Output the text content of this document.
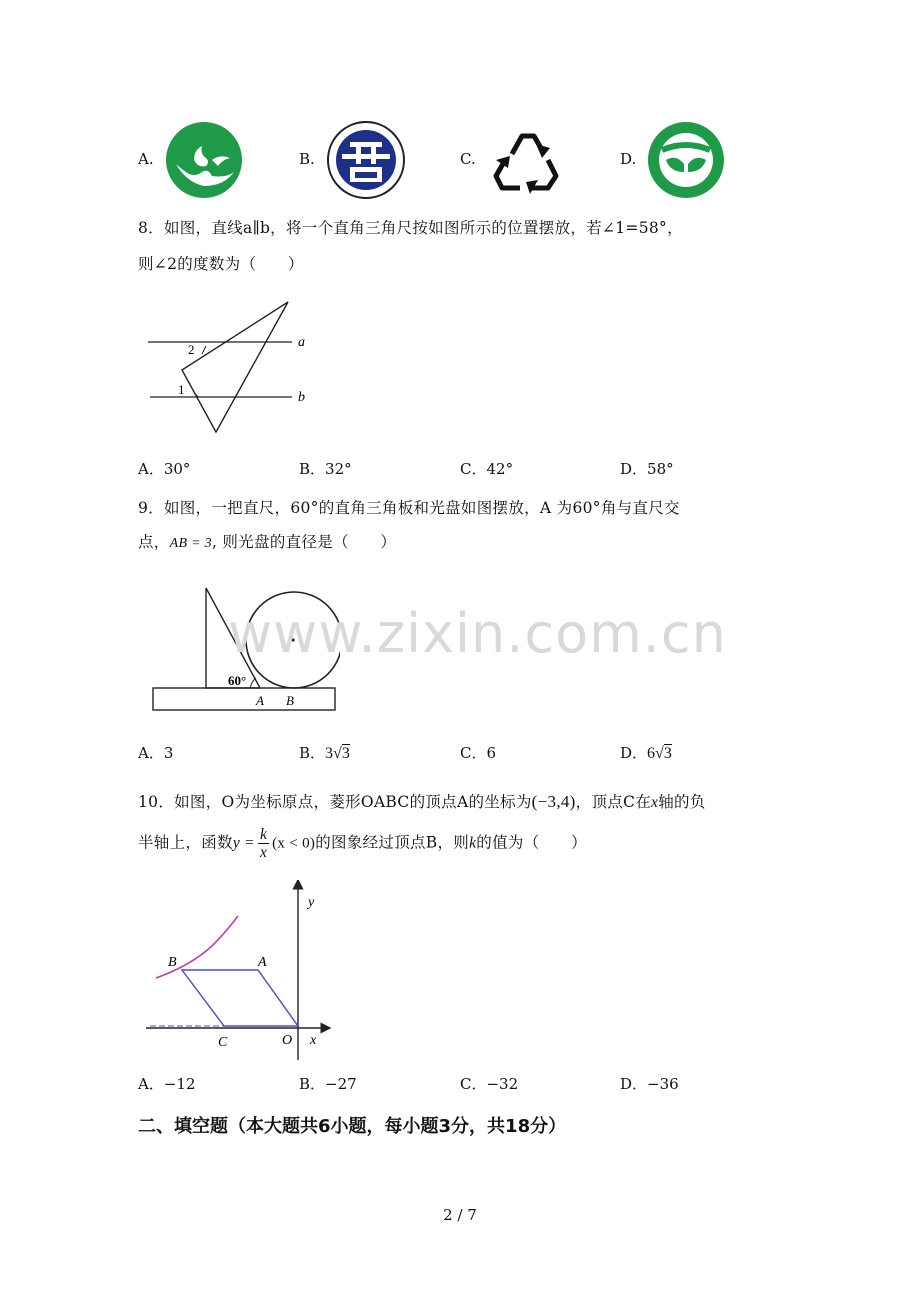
A.	B.	C.	D.
8．如图，直线a∥b，将一个直角三角尺按如图所示的位置摆放，若∠1=58°，
则∠2的度数为（　　）
2
1
a
b
A．30°	B．32°	C．42°	D．58°
9．如图，一把直尺，60°的直角三角板和光盘如图摆放，A 为60°角与直尺交
点，AB = 3, 则光盘的直径是（　　）
60°
A B
www.zixin.com.cn
A．3	B．3√3	C．6	D．6√3
10．如图，O为坐标原点，菱形OABC的顶点A的坐标为(−3,4)，顶点C在x轴的负
半轴上，函数$y = \frac{k}{x} (x < 0)$的图象经过顶点B，则k的值为（　　）
y
x
B	A
C	O
A．−12	B．−27	C．−32	D．−36
二、填空题（本大题共6小题，每小题3分，共18分）
2 / 7
